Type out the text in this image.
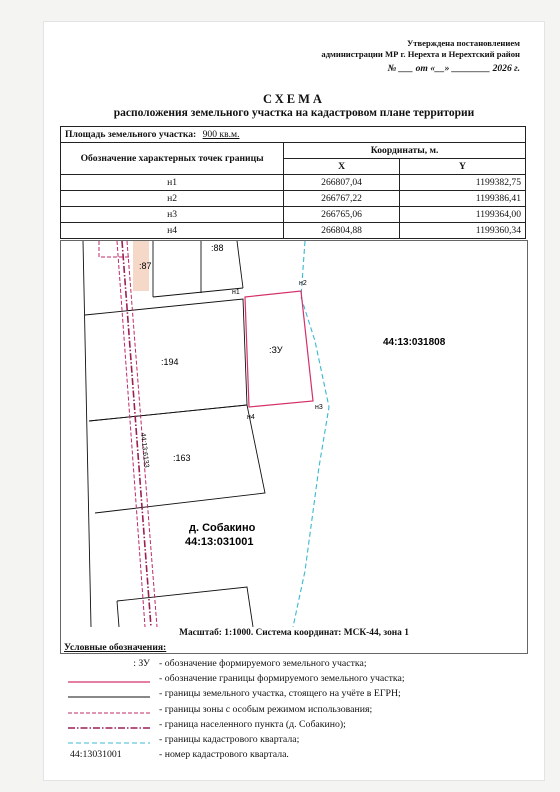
Утверждена постановлением
администрации МР г. Нерехта и Нерехтский район
№ ___ от «__» ________ 2026 г.
СХЕМА
расположения земельного участка на кадастровом плане территории
Площадь земельного участка: 900 кв.м.		
Обозначение характерных точек границы	Координаты, м.	
	X	Y
н1	266807,04	1199382,75
н2	266767,22	1199386,41
н3	266765,06	1199364,00
н4	266804,88	1199360,34
:87
:88
:194
:163
:ЗУ
н1
н2
н3
н4
44:13:031808
44:13:6133
д. Собакино
44:13:031001
Масштаб: 1:1000. Система координат: МСК-44, зона 1
Условные обозначения:
: ЗУ - обозначение формируемого земельного участка;
- обозначение границы формируемого земельного участка;
- границы земельного участка, стоящего на учёте в ЕГРН;
- границы зоны с особым режимом использования;
- граница населенного пункта (д. Собакино);
- границы кадастрового квартала;
44:13031001	- номер кадастрового квартала.
